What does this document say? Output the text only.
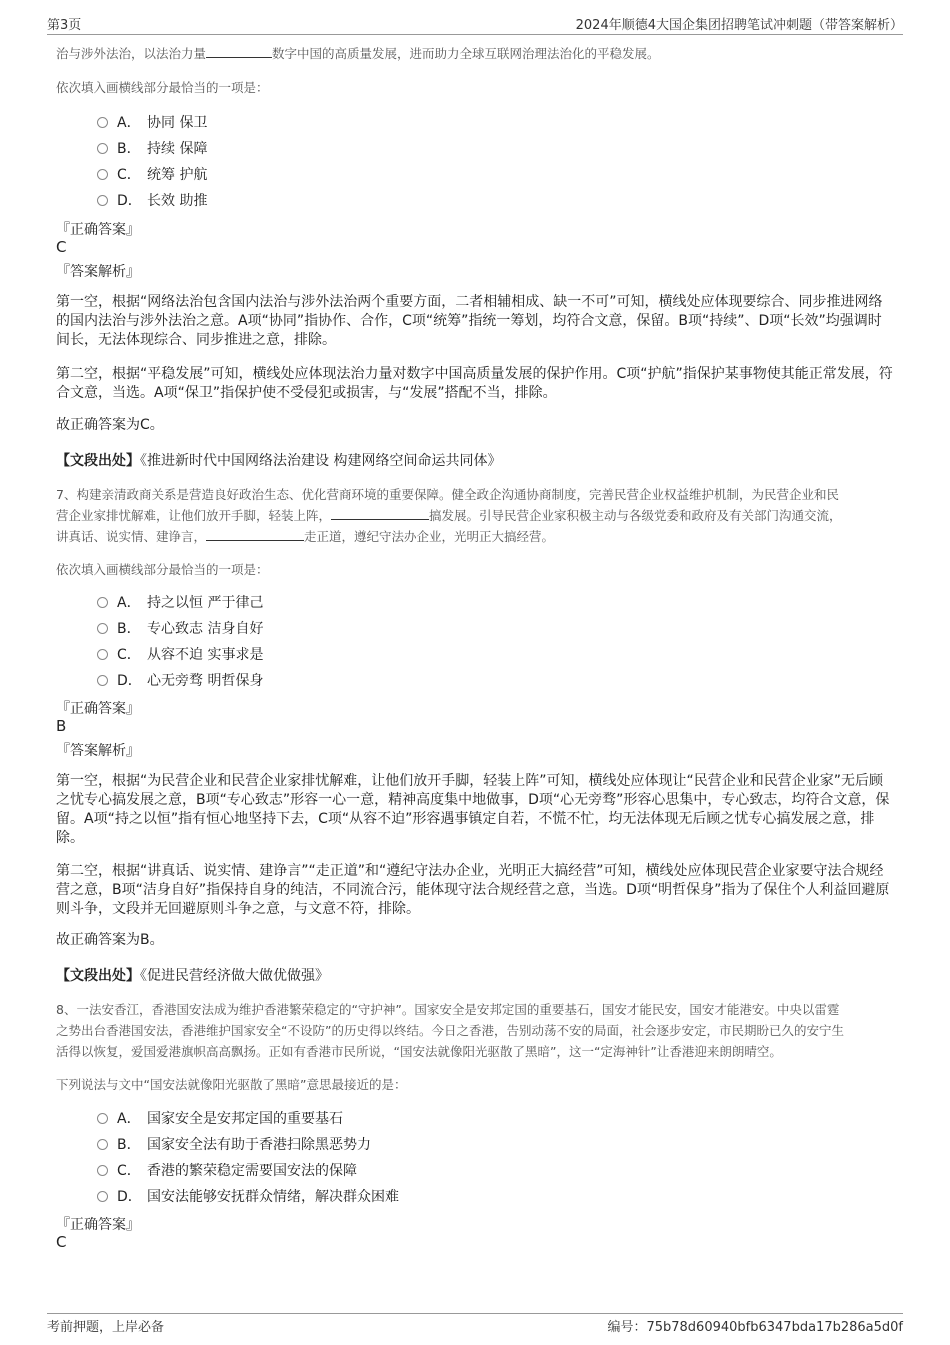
第3页	2024年顺德4大国企集团招聘笔试冲刺题（带答案解析）
治与涉外法治，以法治力量	数字中国的高质量发展，进而助力全球互联网治理法治化的平稳发展。
依次填入画横线部分最恰当的一项是：
A． 协同 保卫
B． 持续 保障
C． 统筹 护航
D． 长效 助推
『正确答案』
C
『答案解析』
第一空，根据“网络法治包含国内法治与涉外法治两个重要方面，二者相辅相成、缺一不可”可知，横线处应体现要综合、同步推进网络的国内法治与涉外法治之意。A项“协同”指协作、合作，C项“统筹”指统一筹划，均符合文意，保留。B项“持续”、D项“长效”均强调时间长，无法体现综合、同步推进之意，排除。
第二空，根据“平稳发展”可知，横线处应体现法治力量对数字中国高质量发展的保护作用。C项“护航”指保护某事物使其能正常发展，符合文意，当选。A项“保卫”指保护使不受侵犯或损害，与“发展”搭配不当，排除。
故正确答案为C。
【文段出处】《推进新时代中国网络法治建设 构建网络空间命运共同体》
7、构建亲清政商关系是营造良好政治生态、优化营商环境的重要保障。健全政企沟通协商制度，完善民营企业权益维护机制，为民营企业和民
营企业家排忧解难，让他们放开手脚，轻装上阵，	搞发展。引导民营企业家积极主动与各级党委和政府及有关部门沟通交流，
讲真话、说实情、建诤言，	走正道，遵纪守法办企业，光明正大搞经营。
依次填入画横线部分最恰当的一项是：
A． 持之以恒 严于律己
B． 专心致志 洁身自好
C． 从容不迫 实事求是
D． 心无旁骛 明哲保身
『正确答案』
B
『答案解析』
第一空，根据“为民营企业和民营企业家排忧解难，让他们放开手脚，轻装上阵”可知，横线处应体现让“民营企业和民营企业家”无后顾之忧专心搞发展之意，B项“专心致志”形容一心一意，精神高度集中地做事，D项“心无旁骛”形容心思集中，专心致志，均符合文意，保留。A项“持之以恒”指有恒心地坚持下去，C项“从容不迫”形容遇事镇定自若，不慌不忙，均无法体现无后顾之忧专心搞发展之意，排除。
第二空，根据“讲真话、说实情、建诤言”“走正道”和“遵纪守法办企业，光明正大搞经营”可知，横线处应体现民营企业家要守法合规经营之意，B项“洁身自好”指保持自身的纯洁，不同流合污，能体现守法合规经营之意，当选。D项“明哲保身”指为了保住个人利益回避原则斗争，文段并无回避原则斗争之意，与文意不符，排除。
故正确答案为B。
【文段出处】《促进民营经济做大做优做强》
8、一法安香江，香港国安法成为维护香港繁荣稳定的“守护神”。国家安全是安邦定国的重要基石，国安才能民安，国安才能港安。中央以雷霆
之势出台香港国安法，香港维护国家安全“不设防”的历史得以终结。今日之香港，告别动荡不安的局面，社会逐步安定，市民期盼已久的安宁生
活得以恢复，爱国爱港旗帜高高飘扬。正如有香港市民所说，“国安法就像阳光驱散了黑暗”，这一“定海神针”让香港迎来朗朗晴空。
下列说法与文中“国安法就像阳光驱散了黑暗”意思最接近的是：
A． 国家安全是安邦定国的重要基石
B． 国家安全法有助于香港扫除黑恶势力
C． 香港的繁荣稳定需要国安法的保障
D． 国安法能够安抚群众情绪，解决群众困难
『正确答案』
C
考前押题，上岸必备	编号：75b78d60940bfb6347bda17b286a5d0f
